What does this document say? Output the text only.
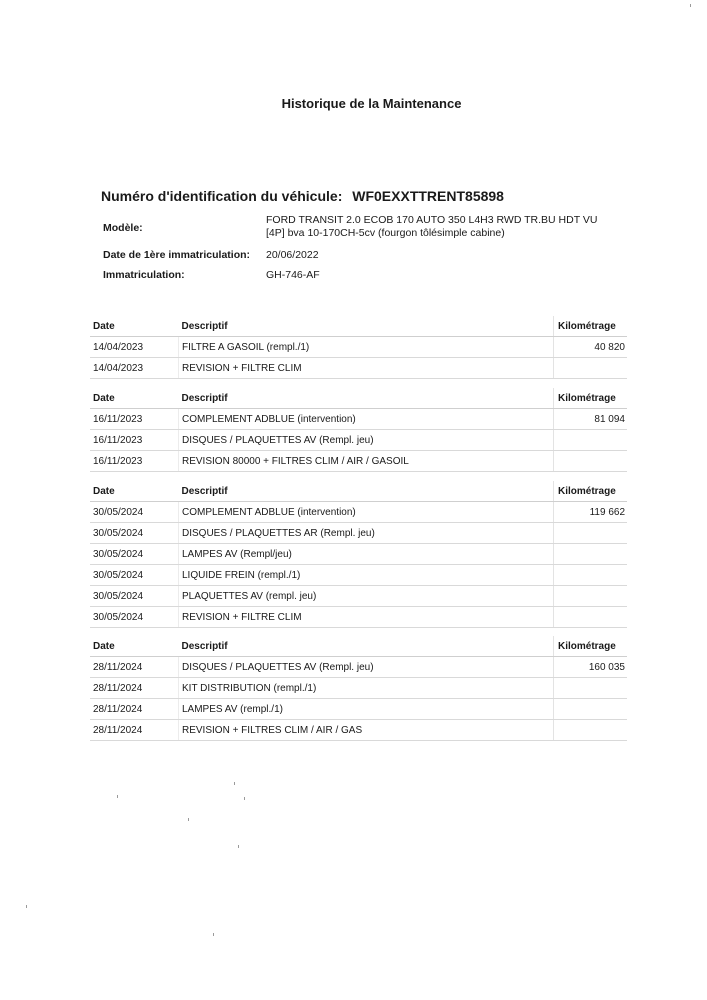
Historique de la Maintenance
Numéro d'identification du véhicule: WF0EXXTTRENT85898
Modèle:
FORD TRANSIT 2.0 ECOB 170 AUTO 350 L4H3 RWD TR.BU HDT VU
[4P] bva 10-170CH-5cv (fourgon tôlésimple cabine)
Date de 1ère immatriculation: 20/06/2022
Immatriculation:	GH-746-AF
Date	Descriptif	Kilométrage
14/04/2023	FILTRE A GASOIL (rempl./1)	40 820
14/04/2023	REVISION + FILTRE CLIM	
Date	Descriptif	Kilométrage
16/11/2023	COMPLEMENT ADBLUE (intervention)	81 094
16/11/2023	DISQUES / PLAQUETTES AV (Rempl. jeu)	
16/11/2023	REVISION 80000 + FILTRES CLIM / AIR / GASOIL	
Date	Descriptif	Kilométrage
30/05/2024	COMPLEMENT ADBLUE (intervention)	119 662
30/05/2024	DISQUES / PLAQUETTES AR (Rempl. jeu)	
30/05/2024	LAMPES AV (Rempl/jeu)	
30/05/2024	LIQUIDE FREIN (rempl./1)	
30/05/2024	PLAQUETTES AV (rempl. jeu)	
30/05/2024	REVISION + FILTRE CLIM	
Date	Descriptif	Kilométrage
28/11/2024	DISQUES / PLAQUETTES AV (Rempl. jeu)	160 035
28/11/2024	KIT DISTRIBUTION (rempl./1)	
28/11/2024	LAMPES AV (rempl./1)	
28/11/2024	REVISION + FILTRES CLIM / AIR / GAS	
